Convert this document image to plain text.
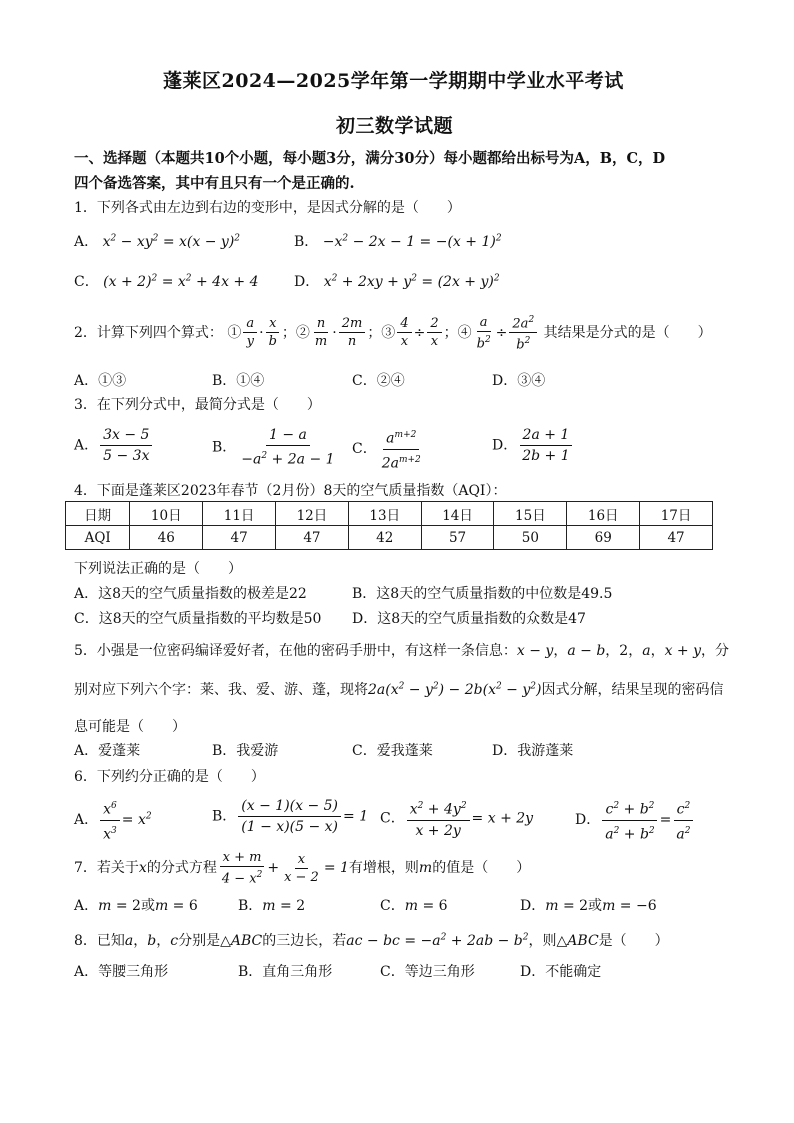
蓬莱区2024—2025学年第一学期期中学业水平考试
初三数学试题
一、选择题（本题共10个小题，每小题3分，满分30分）每小题都给出标号为A，B，C，D
四个备选答案，其中有且只有一个是正确的.
1．下列各式由左边到右边的变形中，是因式分解的是（　　）
A． $x^2 - xy^2 = x(x - y)^2$	B． $-x^2 - 2x - 1 = -(x + 1)^2$
C． $(x + 2)^2 = x^2 + 4x + 4$	D． $x^2 + 2xy + y^2 = (2x + y)^2$
2．计算下列四个算式： ① $\frac{a}{y} \cdot \frac{x}{b}$ ；② $\frac{n}{m} \cdot \frac{2m}{n}$ ；③ $\frac{4}{x} \div \frac{2}{x}$ ；④ $\frac{a}{b^2} \div \frac{2a^2}{b^2}$ 其结果是分式的是（　　）
A．①③	B．①④	C．②④	D．③④
3．在下列分式中，最简分式是（　　）
A． $\frac{3x - 5}{5 - 3x}$	B． $\frac{1 - a}{-a^2 + 2a - 1}$ C． $\frac{a^{m+2}}{2a^{m+2}}$	D． $\frac{2a + 1}{2b + 1}$
4．下面是蓬莱区2023年春节（2月份）8天的空气质量指数（AQI）：
日期	10日	11日	12日	13日	14日	15日	16日	17日
AQI	46	47	47	42	57	50	69	47
下列说法正确的是（　　）
A．这8天的空气质量指数的极差是22	B．这8天的空气质量指数的中位数是49.5
C．这8天的空气质量指数的平均数是50 D．这8天的空气质量指数的众数是47
5．小强是一位密码编译爱好者，在他的密码手册中，有这样一条信息：x − y，a − b，2，a，x + y，分
别对应下列六个字：莱、我、爱、游、蓬，现将$2a(x^2 - y^2) - 2b(x^2 - y^2)$因式分解，结果呈现的密码信
息可能是（　　）
A．爱蓬莱	B．我爱游	C．爱我蓬莱	D．我游蓬莱
6．下列约分正确的是（　　）
A． $\frac{x^6}{x^3} = x^2$	B． $\frac{(x - 1)(x - 5)}{(1 - x)(5 - x)} = 1$ C． $\frac{x^2 + 4y^2}{x + 2y} = x + 2y$	D． $\frac{c^2 + b^2}{a^2 + b^2} = \frac{c^2}{a^2}$
7．若关于x的分式方程 $\frac{x + m}{4 - x^2} + \frac{x}{x - 2} = 1$有增根，则m的值是（　　）
A．m = 2或m = 6	B．m = 2	C．m = 6	D．m = 2或m = −6
8．已知a，b，c分别是△ABC的三边长，若ac − bc = $-a^2 + 2ab - b^2$，则△ABC是（　　）
A．等腰三角形	B．直角三角形	C．等边三角形	D．不能确定
